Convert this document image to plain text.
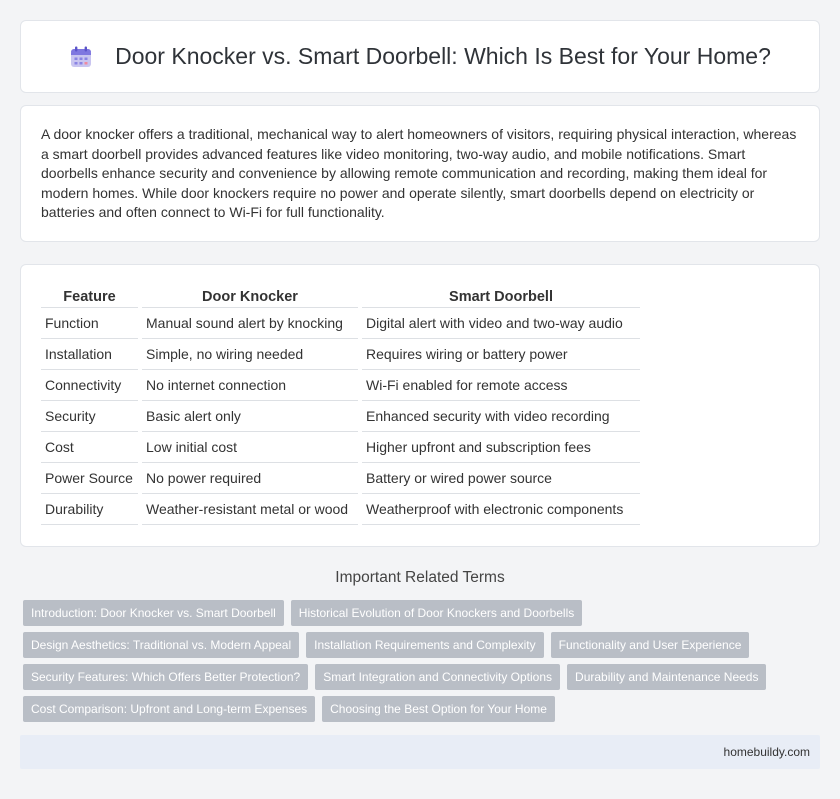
Door Knocker vs. Smart Doorbell: Which Is Best for Your Home?

A door knocker offers a traditional, mechanical way to alert homeowners of visitors, requiring physical interaction, whereas a smart doorbell provides advanced features like video monitoring, two-way audio, and mobile notifications. Smart doorbells enhance security and convenience by allowing remote communication and recording, making them ideal for modern homes. While door knockers require no power and operate silently, smart doorbells depend on electricity or batteries and often connect to Wi-Fi for full functionality.

Feature	Door Knocker	Smart Doorbell
Function	Manual sound alert by knocking	Digital alert with video and two-way audio
Installation	Simple, no wiring needed	Requires wiring or battery power
Connectivity	No internet connection	Wi-Fi enabled for remote access
Security	Basic alert only	Enhanced security with video recording
Cost	Low initial cost	Higher upfront and subscription fees
Power Source	No power required	Battery or wired power source
Durability	Weather-resistant metal or wood	Weatherproof with electronic components
Important Related Terms
Introduction: Door Knocker vs. Smart Doorbell	Historical Evolution of Door Knockers and Doorbells
Design Aesthetics: Traditional vs. Modern Appeal	Installation Requirements and Complexity	Functionality and User Experience
Security Features: Which Offers Better Protection?	Smart Integration and Connectivity Options	Durability and Maintenance Needs
Cost Comparison: Upfront and Long-term Expenses	Choosing the Best Option for Your Home
homebuildy.com
